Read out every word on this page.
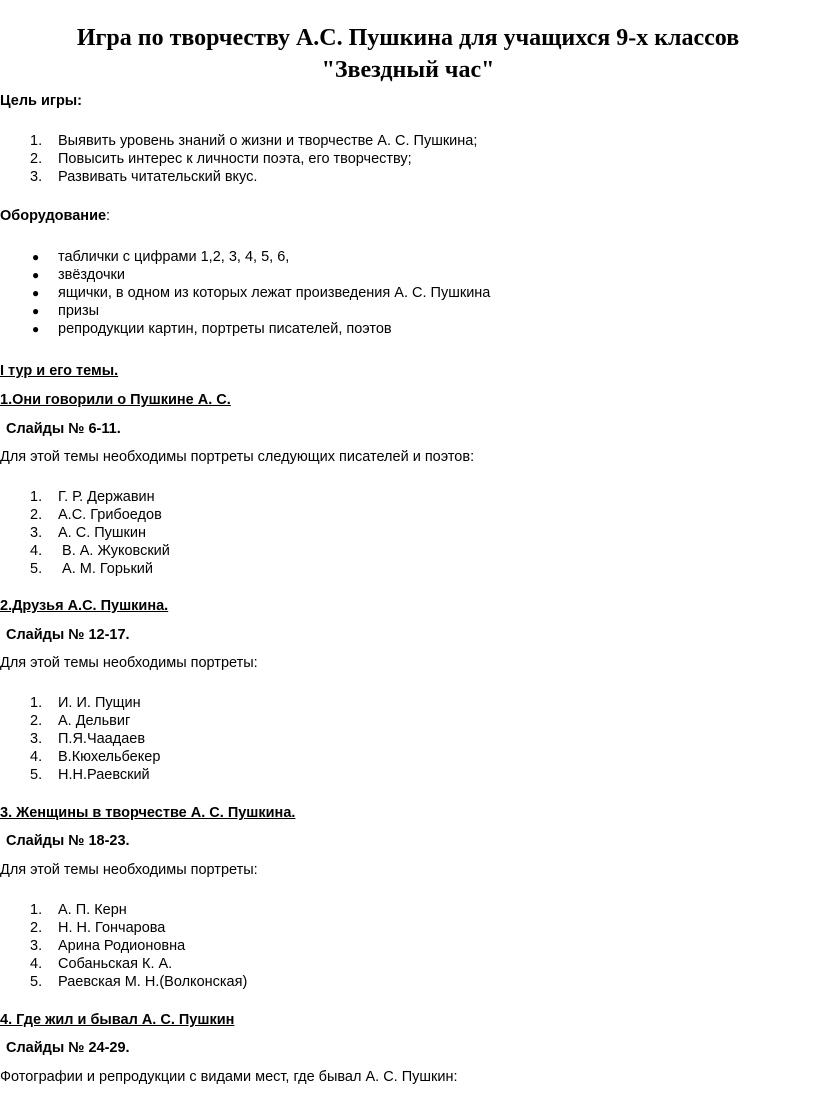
Игра по творчеству А.С. Пушкина для учащихся 9-х классов
"Звездный час"
Цель игры:
1. Выявить уровень знаний о жизни и творчестве А. С. Пушкина;
2. Повысить интерес к личности поэта, его творчеству;
3. Развивать читательский вкус.
Оборудование:
● таблички с цифрами 1,2, 3, 4, 5, 6,
● звёздочки
● ящички, в одном из которых лежат произведения А. С. Пушкина
● призы
● репродукции картин, портреты писателей, поэтов
I тур и его темы.
1.Они говорили о Пушкине А. С.
Слайды № 6-11.
Для этой темы необходимы портреты следующих писателей и поэтов:
1. Г. Р. Державин
2. А.С. Грибоедов
3. А. С. Пушкин
4. В. А. Жуковский
5. А. М. Горький
2.Друзья А.С. Пушкина.
Слайды № 12-17.
Для этой темы необходимы портреты:
1. И. И. Пущин
2. А. Дельвиг
3. П.Я.Чаадаев
4. В.Кюхельбекер
5. Н.Н.Раевский
3. Женщины в творчестве А. С. Пушкина.
Слайды № 18-23.
Для этой темы необходимы портреты:
1. А. П. Керн
2. Н. Н. Гончарова
3. Арина Родионовна
4. Собаньская К. А.
5. Раевская М. Н.(Волконская)
4. Где жил и бывал А. С. Пушкин
Слайды № 24-29.
Фотографии и репродукции с видами мест, где бывал А. С. Пушкин:
